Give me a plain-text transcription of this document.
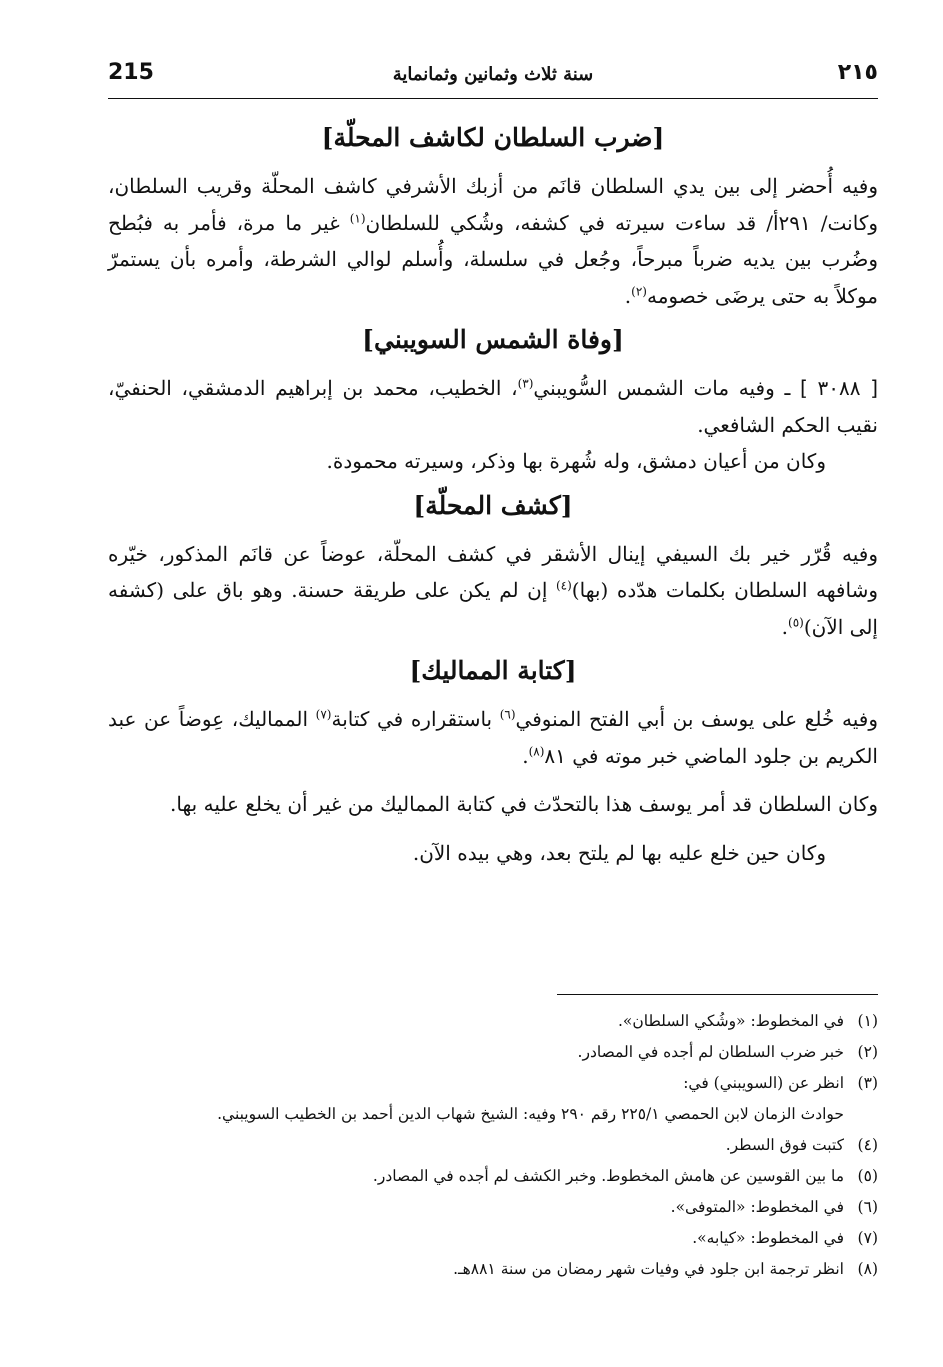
215	سنة ثلاث وثمانين وثمانماية	٢١٥
[ضرب السلطان لكاشف المحلّة]

وفيه أُحضر إلى بين يدي السلطان قانَم من أزبك الأشرفي كاشف المحلّة وقريب السلطان، وكانت/ ٢٩١أ/ قد ساءت سيرته في كشفه، وشُكي للسلطان$^{(١)}$ غير ما مرة، فأمر به فبُطح وضُرب بين يديه ضرباً مبرحاً، وجُعل في سلسلة، وأُسلم لوالي الشرطة، وأمره بأن يستمرّ موكلاً به حتى يرضَى خصومه$^{(٢)}$.

[وفاة الشمس السويبني]

[ ٣٠٨٨ ] ـ وفيه مات الشمس السُّويبني$^{(٣)}$، الخطيب، محمد بن إبراهيم الدمشقي، الحنفيّ، نقيب الحكم الشافعي.

وكان من أعيان دمشق، وله شُهرة بها وذكر، وسيرته محمودة.

[كشف المحلّة]

وفيه قُرّر خير بك السيفي إينال الأشقر في كشف المحلّة، عوضاً عن قانَم المذكور، خيّره وشافهه السلطان بكلمات هدّده (بها)$^{(٤)}$ إن لم يكن على طريقة حسنة. وهو باق على (كشفه إلى الآن)$^{(٥)}$.

[كتابة المماليك]

وفيه خُلع على يوسف بن أبي الفتح المنوفي$^{(٦)}$ باستقراره في كتابة$^{(٧)}$ المماليك، عِوضاً عن عبد الكريم بن جلود الماضي خبر موته في ٨١$^{(٨)}$.

وكان السلطان قد أمر يوسف هذا بالتحدّث في كتابة المماليك من غير أن يخلع عليه بها.

وكان حين خلع عليه بها لم يلتح بعد، وهي بيده الآن.

(١)
في المخطوط: «وشُكي السلطان».
(٢)
خبر ضرب السلطان لم أجده في المصادر.
(٣)
انظر عن (السويبني) في:
حوادث الزمان لابن الحمصي ٢٢٥/١ رقم ٢٩٠ وفيه: الشيخ شهاب الدين أحمد بن الخطيب السويبني.
(٤)
كتبت فوق السطر.
(٥)
ما بين القوسين عن هامش المخطوط. وخبر الكشف لم أجده في المصادر.
(٦)
في المخطوط: «المتوفى».
(٧)
في المخطوط: «كيابه».
(٨)
انظر ترجمة ابن جلود في وفيات شهر رمضان من سنة ٨٨١هـ.
